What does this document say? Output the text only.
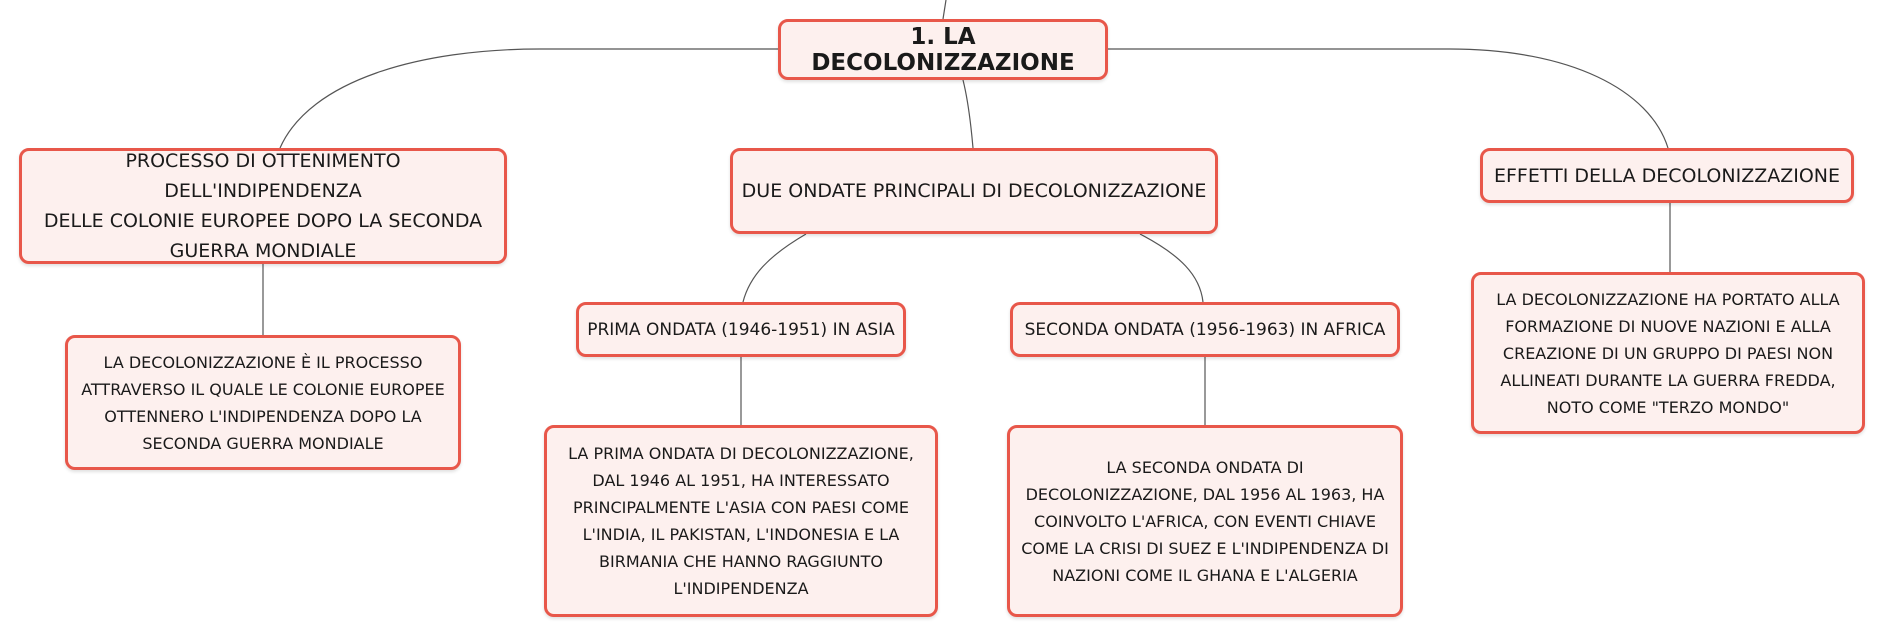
1. LA DECOLONIZZAZIONE
PROCESSO DI OTTENIMENTO DELL'INDIPENDENZA
DELLE COLONIE EUROPEE DOPO LA SECONDA
GUERRA MONDIALE
DUE ONDATE PRINCIPALI DI DECOLONIZZAZIONE
EFFETTI DELLA DECOLONIZZAZIONE
PRIMA ONDATA (1946-1951) IN ASIA	SECONDA ONDATA (1956-1963) IN AFRICA
LA DECOLONIZZAZIONE È IL PROCESSO
ATTRAVERSO IL QUALE LE COLONIE EUROPEE
OTTENNERO L'INDIPENDENZA DOPO LA
SECONDA GUERRA MONDIALE
LA PRIMA ONDATA DI DECOLONIZZAZIONE,
DAL 1946 AL 1951, HA INTERESSATO
PRINCIPALMENTE L'ASIA CON PAESI COME
L'INDIA, IL PAKISTAN, L'INDONESIA E LA
BIRMANIA CHE HANNO RAGGIUNTO
L'INDIPENDENZA
LA SECONDA ONDATA DI
DECOLONIZZAZIONE, DAL 1956 AL 1963, HA
COINVOLTO L'AFRICA, CON EVENTI CHIAVE
COME LA CRISI DI SUEZ E L'INDIPENDENZA DI
NAZIONI COME IL GHANA E L'ALGERIA
LA DECOLONIZZAZIONE HA PORTATO ALLA
FORMAZIONE DI NUOVE NAZIONI E ALLA
CREAZIONE DI UN GRUPPO DI PAESI NON
ALLINEATI DURANTE LA GUERRA FREDDA,
NOTO COME "TERZO MONDO"
